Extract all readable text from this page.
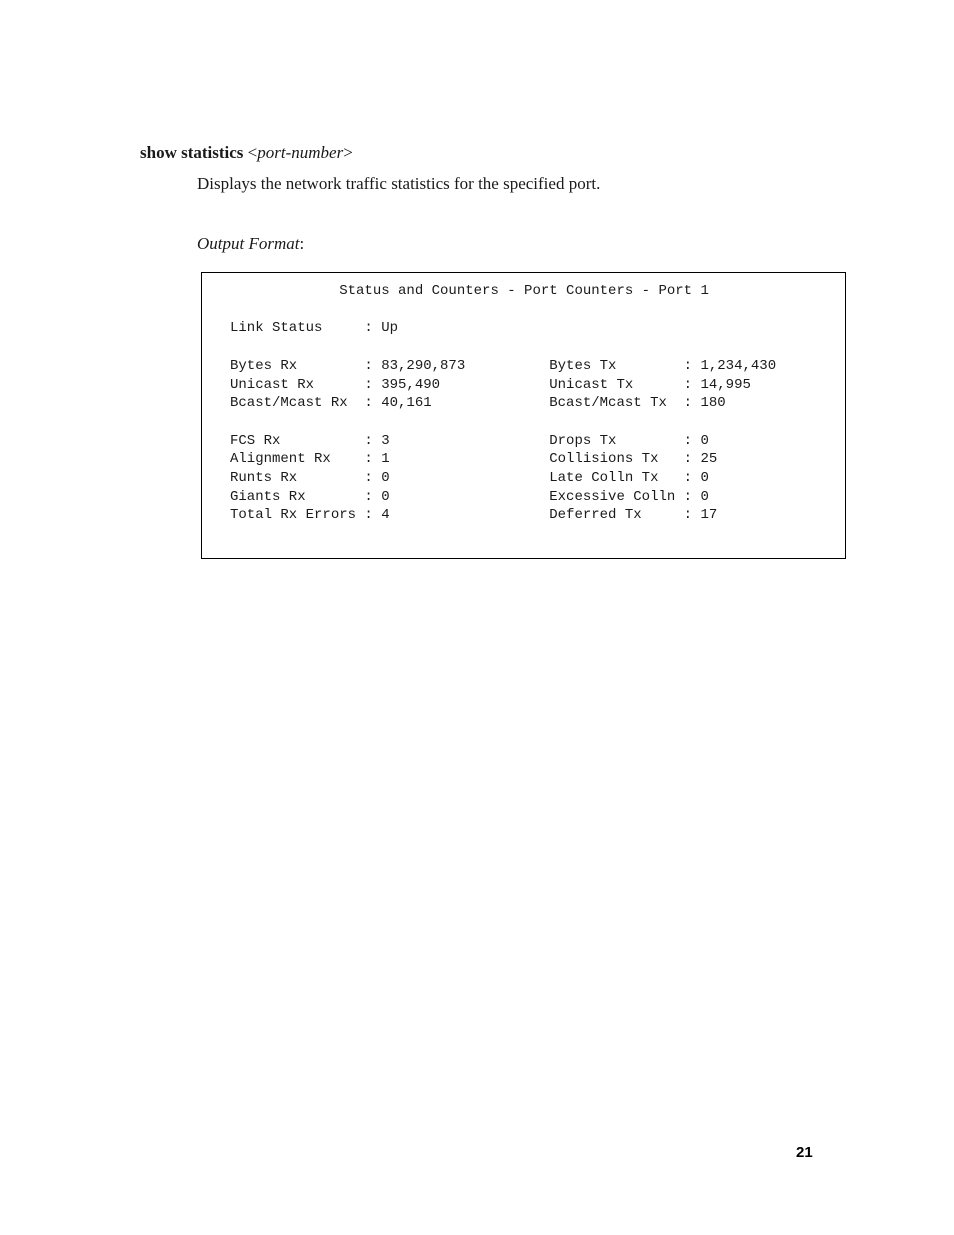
show statistics <port-number>
Displays the network traffic statistics for the specified port.
Output Format:
Status and Counters - Port Counters - Port 1

Link Status     : Up

Bytes Rx        : 83,290,873          Bytes Tx        : 1,234,430
Unicast Rx      : 395,490             Unicast Tx      : 14,995
Bcast/Mcast Rx  : 40,161              Bcast/Mcast Tx  : 180

FCS Rx          : 3                   Drops Tx        : 0
Alignment Rx    : 1                   Collisions Tx   : 25
Runts Rx        : 0                   Late Colln Tx   : 0
Giants Rx       : 0                   Excessive Colln : 0
Total Rx Errors : 4                   Deferred Tx     : 17

21
